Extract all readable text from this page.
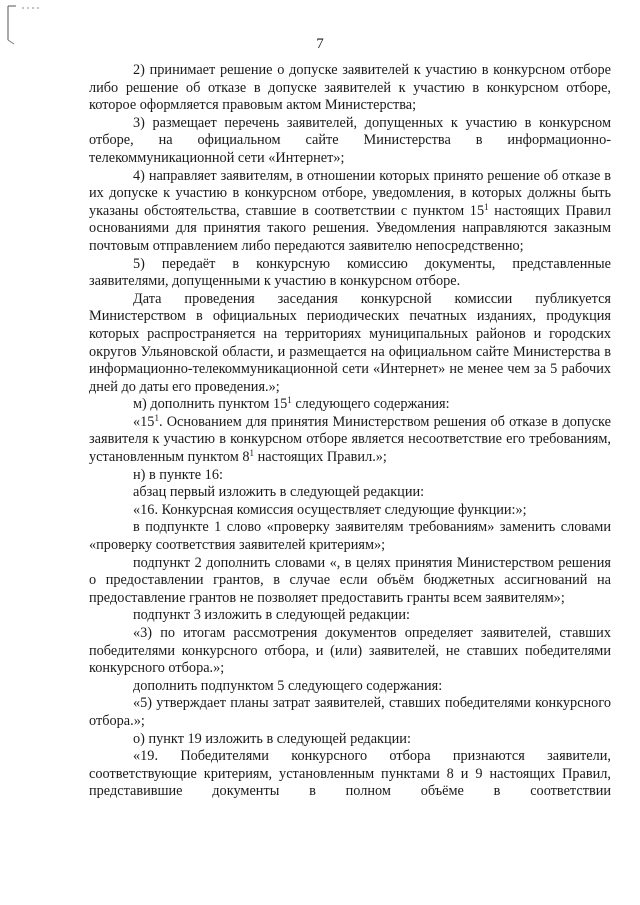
7

2) принимает решение о допуске заявителей к участию в конкурсном отборе либо решение об отказе в допуске заявителей к участию в конкурсном отборе, которое оформляется правовым актом Министерства;

3) размещает перечень заявителей, допущенных к участию в конкурсном отборе, на официальном сайте Министерства в информационно-телекоммуникационной сети «Интернет»;

4) направляет заявителям, в отношении которых принято решение об отказе в их допуске к участию в конкурсном отборе, уведомления, в которых должны быть указаны обстоятельства, ставшие в соответствии с пунктом $15^1$ настоящих Правил основаниями для принятия такого решения. Уведомления направляются заказным почтовым отправлением либо передаются заявителю непосредственно;

5) передаёт в конкурсную комиссию документы, представленные заявителями, допущенными к участию в конкурсном отборе.

Дата проведения заседания конкурсной комиссии публикуется Министерством в официальных периодических печатных изданиях, продукция которых распространяется на территориях муниципальных районов и городских округов Ульяновской области, и размещается на официальном сайте Министерства в информационно-телекоммуникационной сети «Интернет» не менее чем за 5 рабочих дней до даты его проведения.»;

м) дополнить пунктом $15^1$ следующего содержания:

«$15^1$. Основанием для принятия Министерством решения об отказе в допуске заявителя к участию в конкурсном отборе является несоответствие его требованиям, установленным пунктом $8^1$ настоящих Правил.»;

н) в пункте 16:

абзац первый изложить в следующей редакции:

«16. Конкурсная комиссия осуществляет следующие функции:»;

в подпункте 1 слово «проверку заявителям требованиям» заменить словами «проверку соответствия заявителей критериям»;

подпункт 2 дополнить словами «, в целях принятия Министерством решения о предоставлении грантов, в случае если объём бюджетных ассигнований на предоставление грантов не позволяет предоставить гранты всем заявителям»;

подпункт 3 изложить в следующей редакции:

«3) по итогам рассмотрения документов определяет заявителей, ставших победителями конкурсного отбора, и (или) заявителей, не ставших победителями конкурсного отбора.»;

дополнить подпунктом 5 следующего содержания:

«5) утверждает планы затрат заявителей, ставших победителями конкурсного отбора.»;

о) пункт 19 изложить в следующей редакции:

«19. Победителями конкурсного отбора признаются заявители, соответствующие критериям, установленным пунктами 8 и 9 настоящих Правил, представившие документы в полном объёме в соответствии
